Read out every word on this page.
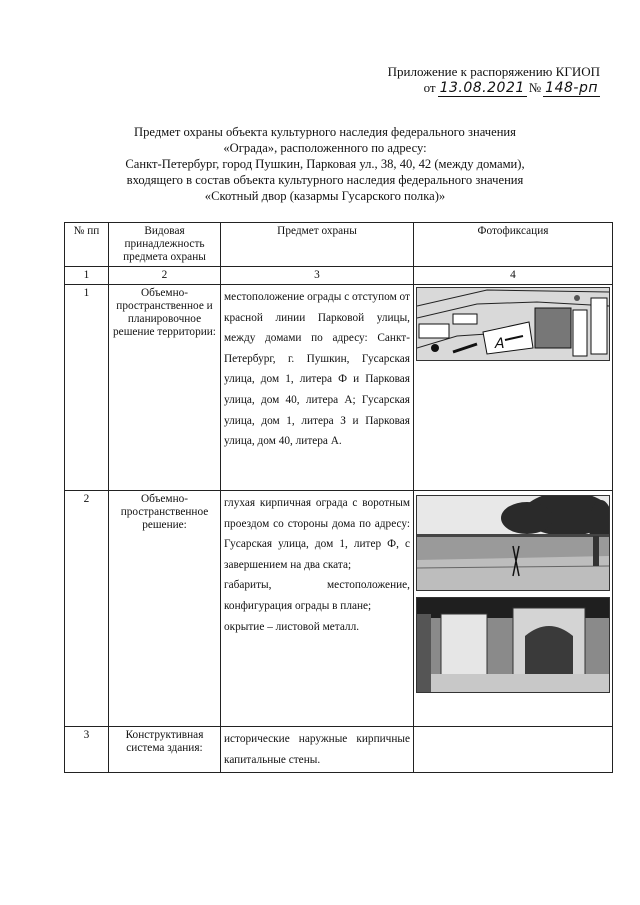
Приложение к распоряжению КГИОП
от 13.08.2021 № 148-рп
Предмет охраны объекта культурного наследия федерального значения
«Ограда», расположенного по адресу:
Санкт-Петербург, город Пушкин, Парковая ул., 38, 40, 42 (между домами),
входящего в состав объекта культурного наследия федерального значения
«Скотный двор (казармы Гусарского полка)»
№ пп	Видовая принадлежность предмета охраны	Предмет охраны	Фотофиксация
1	2	3	4
1	Объемно-пространственное и планировочное решение территории:	местоположение ограды с отступом от красной линии Парковой улицы, между домами по адресу: Санкт-Петербург, г. Пушкин, Гусарская улица, дом 1, литера Ф и Парковая улица, дом 40, литера А; Гусарская улица, дом 1, литера З и Парковая улица, дом 40, литера А.	А

2	Объемно-пространственное решение:	глухая кирпичная ограда с воротным проездом со стороны дома по адресу: Гусарская улица, дом 1, литер Ф, с завершением на два ската;
габариты, местоположение, конфигурация ограды в плане;
окрытие – листовой металл.

3	Конструктивная система здания:	исторические наружные кирпичные капитальные стены.	
